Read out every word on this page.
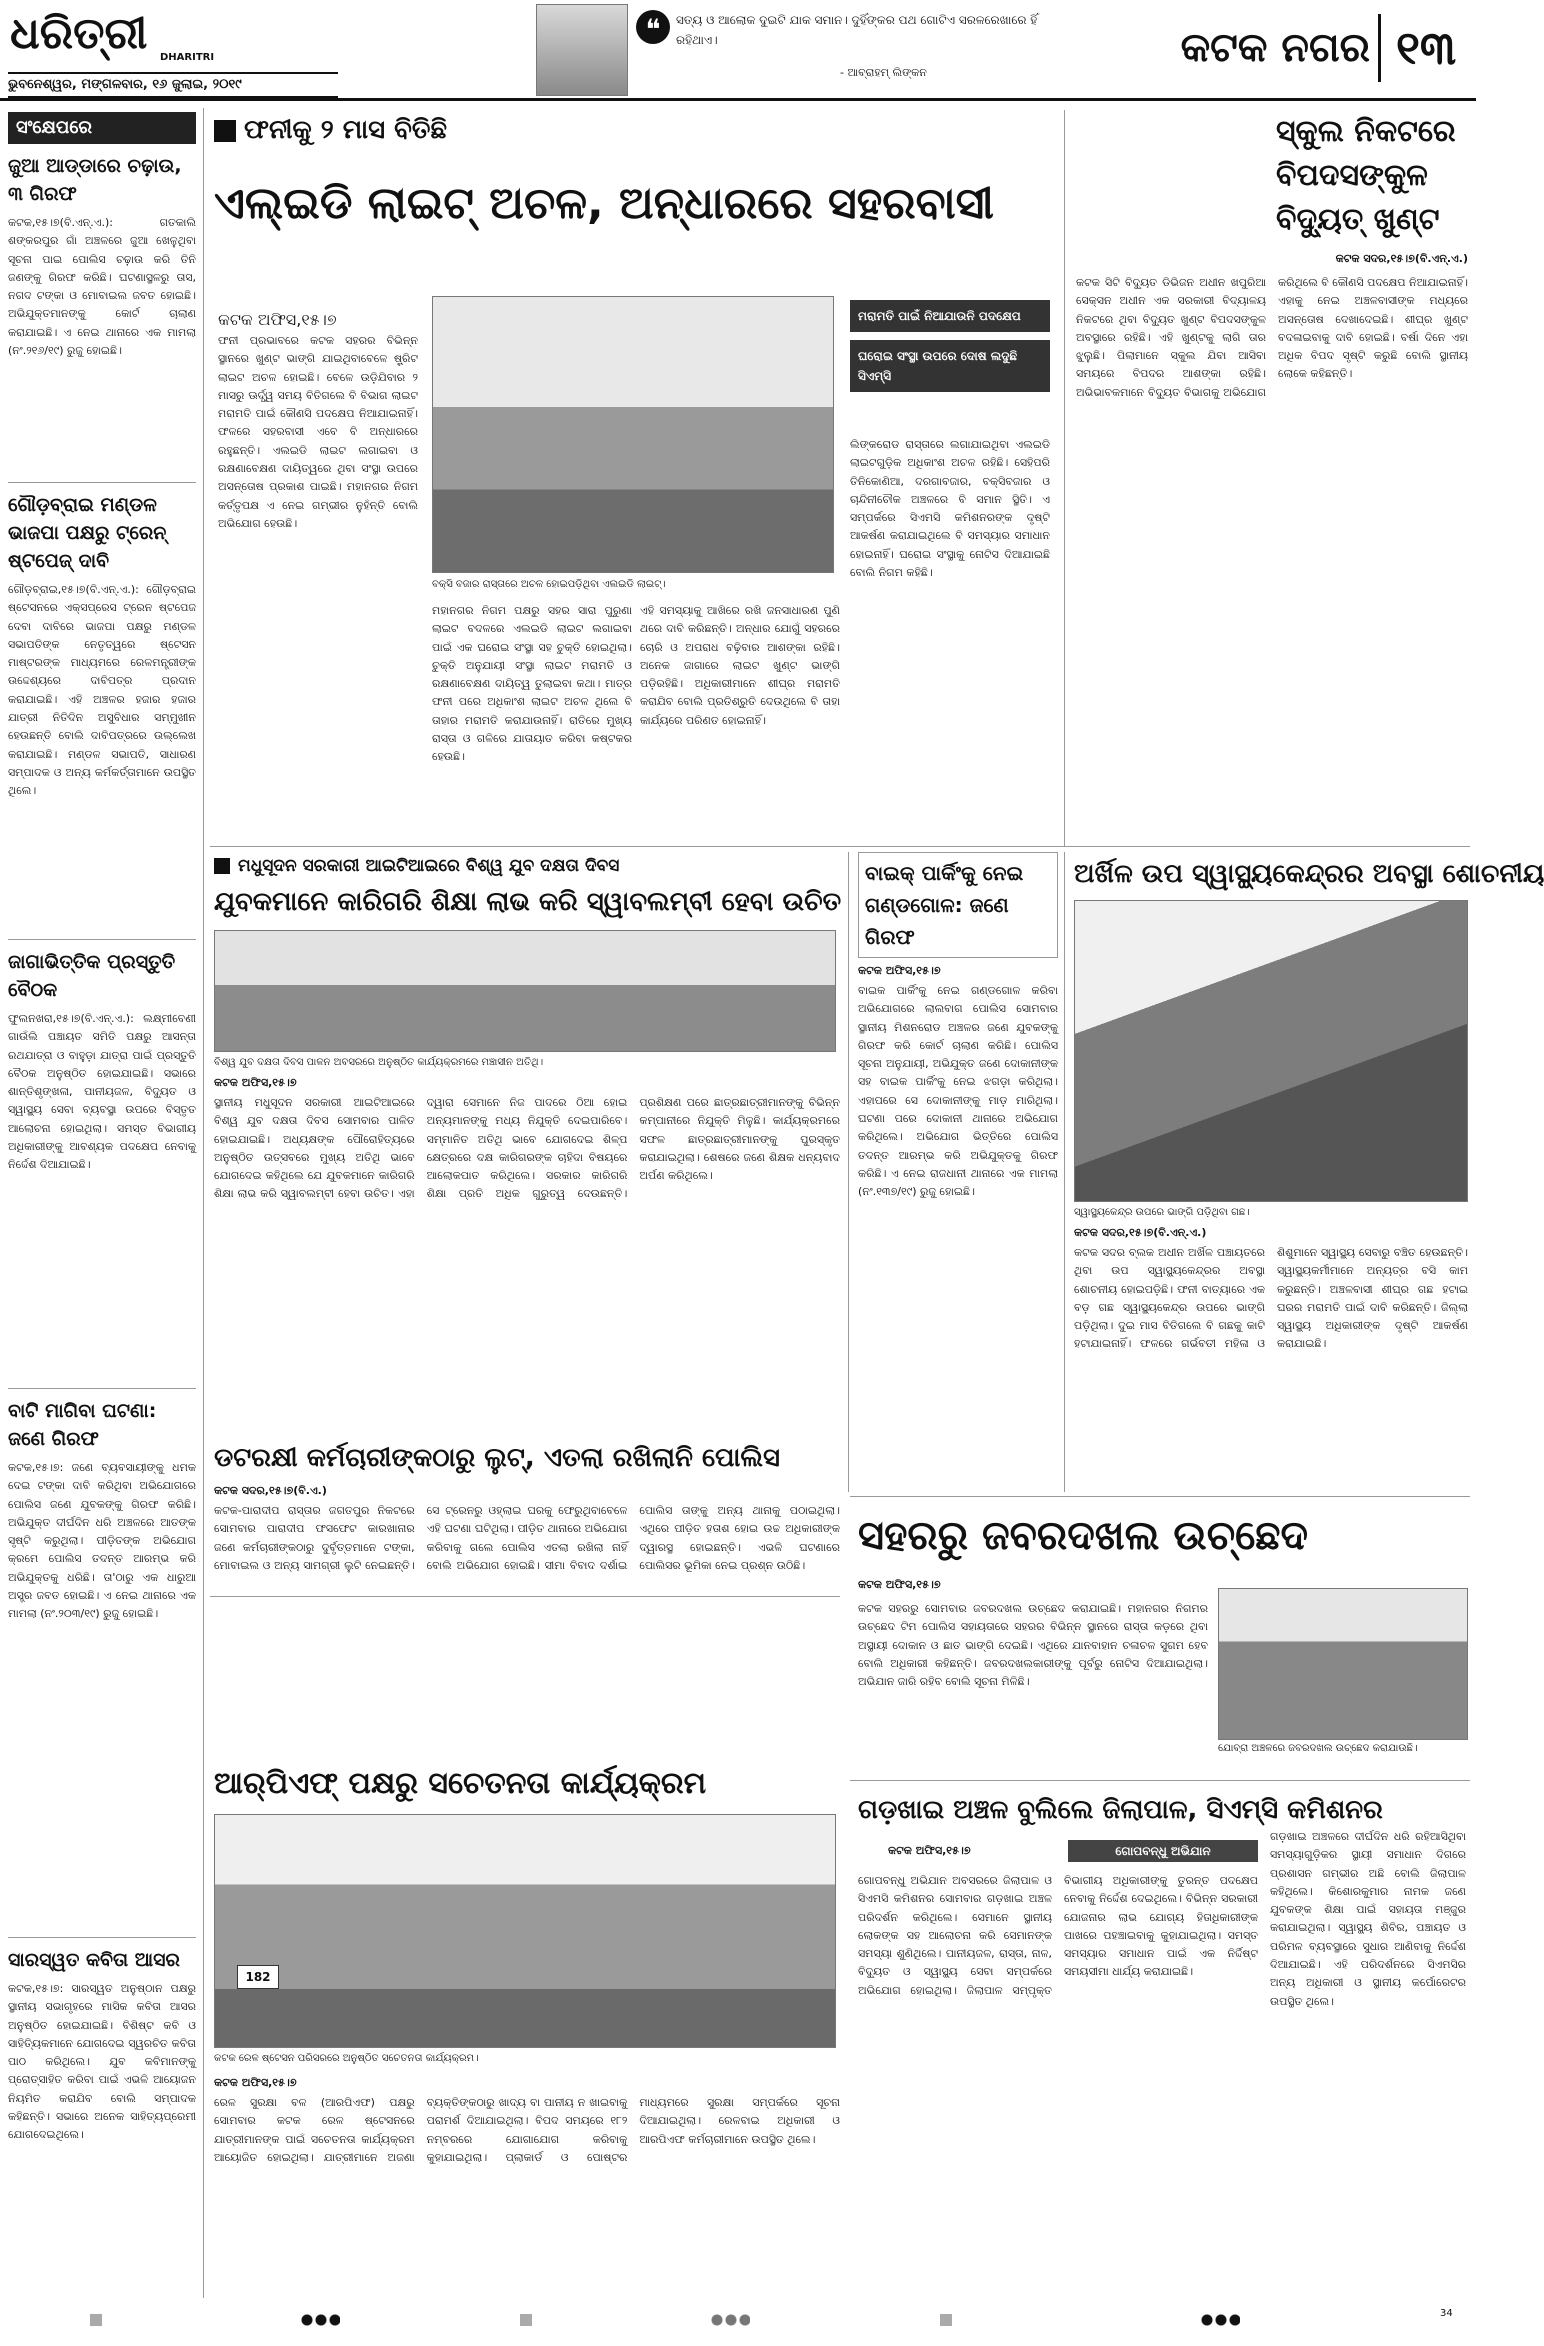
ଧରିତ୍ରୀ	DHARITRI
ଭୁବନେଶ୍ୱର, ମଙ୍ଗଳବାର, ୧୬ ଜୁଲାଇ, ୨୦୧୯
❝	ସତ୍ୟ ଓ ଆଲୋକ ଦୁଇଟି ଯାକ ସମାନ। ଦୁହିଁଙ୍କର ପଥ ଗୋଟିଏ ସରଳରେଖାରେ ହିଁ ରହିଥାଏ।
- ଆବ୍ରାହମ୍ ଲିଙ୍କନ
କଟକ ନଗର ୧୩
ସଂକ୍ଷେପରେ
ଜୁଆ ଆଡ୍ଡାରେ ଚଢ଼ାଉ, ୩ ଗିରଫ
କଟକ,୧୫।୭(ବି.ଏନ୍.ଏ.): ଗତକାଲି ଶଙ୍କରପୁର ଗାଁ ଅଞ୍ଚଳରେ ଜୁଆ ଖେଳୁଥିବା ସୂଚନା ପାଇ ପୋଲିସ ଚଢ଼ାଉ କରି ତିନି ଜଣଙ୍କୁ ଗିରଫ କରିଛି। ଘଟଣାସ୍ଥଳରୁ ତାସ, ନଗଦ ଟଙ୍କା ଓ ମୋବାଇଲ ଜବତ ହୋଇଛି। ଅଭିଯୁକ୍ତମାନଙ୍କୁ କୋର୍ଟ ଚାଲାଣ କରାଯାଇଛି। ଏ ନେଇ ଥାନାରେ ଏକ ମାମଲା (ନଂ.୨୧୬/୧୯) ରୁଜୁ ହୋଇଛି।
ଗୌଡ଼ବ୍ରାଇ ମଣ୍ଡଳ ଭାଜପା ପକ୍ଷରୁ ଟ୍ରେନ୍ ଷ୍ଟପେଜ୍ ଦାବି
ଗୌଡ଼ବ୍ରାଇ,୧୫।୭(ବି.ଏନ୍.ଏ.): ଗୌଡ଼ବ୍ରାଇ ଷ୍ଟେସନରେ ଏକ୍ସପ୍ରେସ ଟ୍ରେନ ଷ୍ଟପେଜ ଦେବା ଦାବିରେ ଭାଜପା ପକ୍ଷରୁ ମଣ୍ଡଳ ସଭାପତିଙ୍କ ନେତୃତ୍ୱରେ ଷ୍ଟେସନ ମାଷ୍ଟରଙ୍କ ମାଧ୍ୟମରେ ରେଳମନ୍ତ୍ରୀଙ୍କ ଉଦ୍ଦେଶ୍ୟରେ ଦାବିପତ୍ର ପ୍ରଦାନ କରାଯାଇଛି। ଏହି ଅଞ୍ଚଳର ହଜାର ହଜାର ଯାତ୍ରୀ ନିତିଦିନ ଅସୁବିଧାର ସମ୍ମୁଖୀନ ହେଉଛନ୍ତି ବୋଲି ଦାବିପତ୍ରରେ ଉଲ୍ଲେଖ କରାଯାଇଛି। ମଣ୍ଡଳ ସଭାପତି, ସାଧାରଣ ସମ୍ପାଦକ ଓ ଅନ୍ୟ କର୍ମକର୍ତ୍ତାମାନେ ଉପସ୍ଥିତ ଥିଲେ।
ଜାଗାଭିତ୍ତିକ ପ୍ରସ୍ତୁତି ବୈଠକ
ଫୁଲନଖରା,୧୫।୭(ବି.ଏନ୍.ଏ.): ଲକ୍ଷ୍ମୀବେଣୀ ଗାଉଁଲି ପଞ୍ଚାୟତ ସମିତି ପକ୍ଷରୁ ଆସନ୍ତା ରଥଯାତ୍ରା ଓ ବାହୁଡ଼ା ଯାତ୍ରା ପାଇଁ ପ୍ରସ୍ତୁତି ବୈଠକ ଅନୁଷ୍ଠିତ ହୋଇଯାଇଛି। ସଭାରେ ଶାନ୍ତିଶୃଙ୍ଖଳା, ପାନୀୟଜଳ, ବିଦ୍ୟୁତ ଓ ସ୍ୱାସ୍ଥ୍ୟ ସେବା ବ୍ୟବସ୍ଥା ଉପରେ ବିସ୍ତୃତ ଆଲୋଚନା ହୋଇଥିଲା। ସମସ୍ତ ବିଭାଗୀୟ ଅଧିକାରୀଙ୍କୁ ଆବଶ୍ୟକ ପଦକ୍ଷେପ ନେବାକୁ ନିର୍ଦ୍ଦେଶ ଦିଆଯାଇଛି।
ବାଟି ମାଗିବା ଘଟଣା: ଜଣେ ଗିରଫ
କଟକ,୧୫।୭: ଜଣେ ବ୍ୟବସାୟୀଙ୍କୁ ଧମକ ଦେଇ ଟଙ୍କା ଦାବି କରିଥିବା ଅଭିଯୋଗରେ ପୋଲିସ ଜଣେ ଯୁବକଙ୍କୁ ଗିରଫ କରିଛି। ଅଭିଯୁକ୍ତ ଦୀର୍ଘଦିନ ଧରି ଅଞ୍ଚଳରେ ଆତଙ୍କ ସୃଷ୍ଟି କରୁଥିଲା। ପୀଡ଼ିତଙ୍କ ଅଭିଯୋଗ କ୍ରମେ ପୋଲିସ ତଦନ୍ତ ଆରମ୍ଭ କରି ଅଭିଯୁକ୍ତକୁ ଧରିଛି। ତା'ଠାରୁ ଏକ ଧାରୁଆ ଅସ୍ତ୍ର ଜବତ ହୋଇଛି। ଏ ନେଇ ଥାନାରେ ଏକ ମାମଲା (ନଂ.୨୦୩/୧୯) ରୁଜୁ ହୋଇଛି।
ସାରସ୍ୱତ କବିତା ଆସର
କଟକ,୧୫।୭: ସାରସ୍ୱତ ଅନୁଷ୍ଠାନ ପକ୍ଷରୁ ସ୍ଥାନୀୟ ସଭାଗୃହରେ ମାସିକ କବିତା ଆସର ଅନୁଷ୍ଠିତ ହୋଇଯାଇଛି। ବିଶିଷ୍ଟ କବି ଓ ସାହିତ୍ୟିକମାନେ ଯୋଗଦେଇ ସ୍ୱରଚିତ କବିତା ପାଠ କରିଥିଲେ। ଯୁବ କବିମାନଙ୍କୁ ପ୍ରୋତ୍ସାହିତ କରିବା ପାଇଁ ଏଭଳି ଆୟୋଜନ ନିୟମିତ କରାଯିବ ବୋଲି ସମ୍ପାଦକ କହିଛନ୍ତି। ସଭାରେ ଅନେକ ସାହିତ୍ୟପ୍ରେମୀ ଯୋଗଦେଇଥିଲେ।
ଫନୀକୁ ୨ ମାସ ବିତିଛି
ଏଲ୍‌ଇଡି ଲାଇଟ୍ ଅଚଳ, ଅନ୍ଧାରରେ ସହରବାସୀ
କଟକ ଅଫିସ,୧୫।୭
ଫନୀ ପ୍ରଭାବରେ କଟକ ସହରର ବିଭିନ୍ନ ସ୍ଥାନରେ ଖୁଣ୍ଟ ଭାଙ୍ଗି ଯାଇଥିବାବେଳେ ଷ୍ଟ୍ରିଟ ଲାଇଟ ଅଚଳ ହୋଇଛି। ବେଳେ ଉଡ଼ିଯିବାର ୨ ମାସରୁ ଊର୍ଦ୍ଧ୍ୱ ସମୟ ବିତିଗଲେ ବି ବିଭାଗ ଲାଇଟ ମରାମତି ପାଇଁ କୌଣସି ପଦକ୍ଷେପ ନିଆଯାଇନାହିଁ। ଫଳରେ ସହରବାସୀ ଏବେ ବି ଅନ୍ଧାରରେ ରହୁଛନ୍ତି। ଏଲଇଡି ଲାଇଟ ଲଗାଇବା ଓ ରକ୍ଷଣାବେକ୍ଷଣ ଦାୟିତ୍ୱରେ ଥିବା ସଂସ୍ଥା ଉପରେ ଅସନ୍ତୋଷ ପ୍ରକାଶ ପାଇଛି। ମହାନଗର ନିଗମ କର୍ତ୍ତୃପକ୍ଷ ଏ ନେଇ ଗମ୍ଭୀର ନୁହଁନ୍ତି ବୋଲି ଅଭିଯୋଗ ହେଉଛି।
ବକ୍ସି ବଜାର ରାସ୍ତାରେ ଅଚଳ ହୋଇପଡ଼ିଥିବା ଏଲଇଡି ଲାଇଟ୍।
ମହାନଗର ନିଗମ ପକ୍ଷରୁ ସହର ସାରା ପୁରୁଣା ଲାଇଟ ବଦଳରେ ଏଲଇଡି ଲାଇଟ ଲଗାଇବା ପାଇଁ ଏକ ଘରୋଇ ସଂସ୍ଥା ସହ ଚୁକ୍ତି ହୋଇଥିଲା। ଚୁକ୍ତି ଅନୁଯାୟୀ ସଂସ୍ଥା ଲାଇଟ ମରାମତି ଓ ରକ୍ଷଣାବେକ୍ଷଣ ଦାୟିତ୍ୱ ତୁଲାଇବା କଥା। ମାତ୍ର ଫନୀ ପରେ ଅଧିକାଂଶ ଲାଇଟ ଅଚଳ ଥିଲେ ବି ତାହାର ମରାମତି କରାଯାଉନାହିଁ। ରାତିରେ ମୁଖ୍ୟ ରାସ୍ତା ଓ ଗଳିରେ ଯାତାୟାତ କରିବା କଷ୍ଟକର ହେଉଛି।
ଏହି ସମସ୍ୟାକୁ ଆଖିରେ ରଖି ଜନସାଧାରଣ ପୁଣି ଥରେ ଦାବି କରିଛନ୍ତି। ଅନ୍ଧାର ଯୋଗୁଁ ସହରରେ ଚୋରି ଓ ଅପରାଧ ବଢ଼ିବାର ଆଶଙ୍କା ରହିଛି। ଅନେକ ଜାଗାରେ ଲାଇଟ ଖୁଣ୍ଟ ଭାଙ୍ଗି ପଡ଼ିରହିଛି। ଅଧିକାରୀମାନେ ଶୀଘ୍ର ମରାମତି କରାଯିବ ବୋଲି ପ୍ରତିଶ୍ରୁତି ଦେଉଥିଲେ ବି ତାହା କାର୍ଯ୍ୟରେ ପରିଣତ ହୋଇନାହିଁ।
ମରାମତି ପାଇଁ ନିଆଯାଉନି ପଦକ୍ଷେପ
ଘରୋଇ ସଂସ୍ଥା ଉପରେ ଦୋଷ ଲଦୁଛି ସିଏମ୍‌ସି
ଲିଙ୍କରୋଡ ରାସ୍ତାରେ ଲଗାଯାଇଥିବା ଏଲଇଡି ଲାଇଟଗୁଡ଼ିକ ଅଧିକାଂଶ ଅଚଳ ରହିଛି। ସେହିପରି ତିନିକୋଣିଆ, ଦରଗାବଜାର, ବକ୍ସିବଜାର ଓ ଚାନ୍ଦିନୀଚୌକ ଅଞ୍ଚଳରେ ବି ସମାନ ସ୍ଥିତି। ଏ ସମ୍ପର୍କରେ ସିଏମସି କମିଶନରଙ୍କ ଦୃଷ୍ଟି ଆକର୍ଷଣ କରାଯାଇଥିଲେ ବି ସମସ୍ୟାର ସମାଧାନ ହୋଇନାହିଁ। ଘରୋଇ ସଂସ୍ଥାକୁ ନୋଟିସ ଦିଆଯାଇଛି ବୋଲି ନିଗମ କହିଛି।
ସ୍କୁଲ ନିକଟରେ ବିପଦସଙ୍କୁଳ ବିଦ୍ୟୁତ୍ ଖୁଣ୍ଟ
କଟକ ସଦର,୧୫।୭(ବି.ଏନ୍.ଏ.)
କଟକ ସିଟି ବିଦ୍ୟୁତ ଡିଭିଜନ ଅଧୀନ ଖପୁରିଆ ସେକ୍ସନ ଅଧୀନ ଏକ ସରକାରୀ ବିଦ୍ୟାଳୟ ନିକଟରେ ଥିବା ବିଦ୍ୟୁତ ଖୁଣ୍ଟ ବିପଦସଙ୍କୁଳ ଅବସ୍ଥାରେ ରହିଛି। ଏହି ଖୁଣ୍ଟକୁ ଲାଗି ତାର ଝୁଲୁଛି। ପିଲାମାନେ ସ୍କୁଲ ଯିବା ଆସିବା ସମୟରେ ବିପଦର ଆଶଙ୍କା ରହିଛି। ଅଭିଭାବକମାନେ ବିଦ୍ୟୁତ ବିଭାଗକୁ ଅଭିଯୋଗ କରିଥିଲେ ବି କୌଣସି ପଦକ୍ଷେପ ନିଆଯାଇନାହିଁ। ଏହାକୁ ନେଇ ଅଞ୍ଚଳବାସୀଙ୍କ ମଧ୍ୟରେ ଅସନ୍ତୋଷ ଦେଖାଦେଇଛି। ଶୀଘ୍ର ଖୁଣ୍ଟ ବଦଳାଇବାକୁ ଦାବି ହୋଇଛି। ବର୍ଷା ଦିନେ ଏହା ଅଧିକ ବିପଦ ସୃଷ୍ଟି କରୁଛି ବୋଲି ସ୍ଥାନୀୟ ଲୋକେ କହିଛନ୍ତି।
ମଧୁସୂଦନ ସରକାରୀ ଆଇଟିଆଇରେ ବିଶ୍ୱ ଯୁବ ଦକ୍ଷତା ଦିବସ
ଯୁବକମାନେ କାରିଗରି ଶିକ୍ଷା ଲାଭ କରି ସ୍ୱାବଲମ୍ବୀ ହେବା ଉଚିତ
ବିଶ୍ୱ ଯୁବ ଦକ୍ଷତା ଦିବସ ପାଳନ ଅବସରରେ ଅନୁଷ୍ଠିତ କାର୍ଯ୍ୟକ୍ରମରେ ମଞ୍ଚାସୀନ ଅତିଥି।
କଟକ ଅଫିସ,୧୫।୭
ସ୍ଥାନୀୟ ମଧୁସୂଦନ ସରକାରୀ ଆଇଟିଆଇରେ ବିଶ୍ୱ ଯୁବ ଦକ୍ଷତା ଦିବସ ସୋମବାର ପାଳିତ ହୋଇଯାଇଛି। ଅଧ୍ୟକ୍ଷଙ୍କ ପୌରୋହିତ୍ୟରେ ଅନୁଷ୍ଠିତ ଉତ୍ସବରେ ମୁଖ୍ୟ ଅତିଥି ଭାବେ ଯୋଗଦେଇ କହିଥିଲେ ଯେ ଯୁବକମାନେ କାରିଗରି ଶିକ୍ଷା ଲାଭ କରି ସ୍ୱାବଲମ୍ବୀ ହେବା ଉଚିତ। ଏହା ଦ୍ୱାରା ସେମାନେ ନିଜ ପାଦରେ ଠିଆ ହୋଇ ଅନ୍ୟମାନଙ୍କୁ ମଧ୍ୟ ନିଯୁକ୍ତି ଦେଇପାରିବେ। ସମ୍ମାନିତ ଅତିଥି ଭାବେ ଯୋଗଦେଇ ଶିଳ୍ପ କ୍ଷେତ୍ରରେ ଦକ୍ଷ କାରିଗରଙ୍କ ଚାହିଦା ବିଷୟରେ ଆଲୋକପାତ କରିଥିଲେ। ସରକାର କାରିଗରି ଶିକ୍ଷା ପ୍ରତି ଅଧିକ ଗୁରୁତ୍ୱ ଦେଉଛନ୍ତି। ପ୍ରଶିକ୍ଷଣ ପରେ ଛାତ୍ରଛାତ୍ରୀମାନଙ୍କୁ ବିଭିନ୍ନ କମ୍ପାନୀରେ ନିଯୁକ୍ତି ମିଳୁଛି। କାର୍ଯ୍ୟକ୍ରମରେ ସଫଳ ଛାତ୍ରଛାତ୍ରୀମାନଙ୍କୁ ପୁରସ୍କୃତ କରାଯାଇଥିଲା। ଶେଷରେ ଜଣେ ଶିକ୍ଷକ ଧନ୍ୟବାଦ ଅର୍ପଣ କରିଥିଲେ।
ବାଇକ୍ ପାର୍କିଂକୁ ନେଇ ଗଣ୍ଡଗୋଳ: ଜଣେ ଗିରଫ
କଟକ ଅଫିସ,୧୫।୭
ବାଇକ ପାର୍କିଂକୁ ନେଇ ଗଣ୍ଡଗୋଳ କରିବା ଅଭିଯୋଗରେ ଲାଲବାଗ ପୋଲିସ ସୋମବାର ସ୍ଥାନୀୟ ମିଶନରୋଡ ଅଞ୍ଚଳର ଜଣେ ଯୁବକଙ୍କୁ ଗିରଫ କରି କୋର୍ଟ ଚାଲାଣ କରିଛି। ପୋଲିସ ସୂଚନା ଅନୁଯାୟୀ, ଅଭିଯୁକ୍ତ ଜଣେ ଦୋକାନୀଙ୍କ ସହ ବାଇକ ପାର୍କିଂକୁ ନେଇ ଝଗଡ଼ା କରିଥିଲା। ଏହାପରେ ସେ ଦୋକାନୀଙ୍କୁ ମାଡ଼ ମାରିଥିଲା। ଘଟଣା ପରେ ଦୋକାନୀ ଥାନାରେ ଅଭିଯୋଗ କରିଥିଲେ। ଅଭିଯୋଗ ଭିତ୍ତିରେ ପୋଲିସ ତଦନ୍ତ ଆରମ୍ଭ କରି ଅଭିଯୁକ୍ତକୁ ଗିରଫ କରିଛି। ଏ ନେଇ ରାଜଧାନୀ ଥାନାରେ ଏକ ମାମଲା (ନଂ.୧୩୭/୧୯) ରୁଜୁ ହୋଇଛି।
ଅର୍ଖିଳ ଉପ ସ୍ୱାସ୍ଥ୍ୟକେନ୍ଦ୍ରର ଅବସ୍ଥା ଶୋଚନୀୟ
ସ୍ୱାସ୍ଥ୍ୟକେନ୍ଦ୍ର ଉପରେ ଭାଙ୍ଗି ପଡ଼ିଥିବା ଗଛ।
କଟକ ସଦର,୧୫।୭(ବି.ଏନ୍.ଏ.)
କଟକ ସଦର ବ୍ଲକ ଅଧୀନ ଅର୍ଖିଳ ପଞ୍ଚାୟତରେ ଥିବା ଉପ ସ୍ୱାସ୍ଥ୍ୟକେନ୍ଦ୍ରର ଅବସ୍ଥା ଶୋଚନୀୟ ହୋଇପଡ଼ିଛି। ଫନୀ ବାତ୍ୟାରେ ଏକ ବଡ଼ ଗଛ ସ୍ୱାସ୍ଥ୍ୟକେନ୍ଦ୍ର ଉପରେ ଭାଙ୍ଗି ପଡ଼ିଥିଲା। ଦୁଇ ମାସ ବିତିଗଲେ ବି ଗଛକୁ କାଟି ହଟାଯାଇନାହିଁ। ଫଳରେ ଗର୍ଭବତୀ ମହିଳା ଓ ଶିଶୁମାନେ ସ୍ୱାସ୍ଥ୍ୟ ସେବାରୁ ବଞ୍ଚିତ ହେଉଛନ୍ତି। ସ୍ୱାସ୍ଥ୍ୟକର୍ମୀମାନେ ଅନ୍ୟତ୍ର ବସି କାମ କରୁଛନ୍ତି। ଅଞ୍ଚଳବାସୀ ଶୀଘ୍ର ଗଛ ହଟାଇ ଘରର ମରାମତି ପାଇଁ ଦାବି କରିଛନ୍ତି। ଜିଲ୍ଲା ସ୍ୱାସ୍ଥ୍ୟ ଅଧିକାରୀଙ୍କ ଦୃଷ୍ଟି ଆକର୍ଷଣ କରାଯାଇଛି।
ଡଟରକ୍ଷୀ କର୍ମଚାରୀଙ୍କଠାରୁ ଲୁଟ୍, ଏତଲା ରଖିଲାନି ପୋଲିସ
କଟକ ସଦର,୧୫।୭(ବି.ଏ.)
କଟକ-ପାରାଦୀପ ରାସ୍ତାର ଜଗତପୁର ନିକଟରେ ସୋମବାର ପାରାଦୀପ ଫସଫେଟ କାରଖାନାର ଜଣେ କର୍ମଚାରୀଙ୍କଠାରୁ ଦୁର୍ବୃତ୍ତମାନେ ଟଙ୍କା, ମୋବାଇଲ ଓ ଅନ୍ୟ ସାମଗ୍ରୀ ଲୁଟି ନେଇଛନ୍ତି। ସେ ଟ୍ରେନରୁ ଓହ୍ଲାଇ ଘରକୁ ଫେରୁଥିବାବେଳେ ଏହି ଘଟଣା ଘଟିଥିଲା। ପୀଡ଼ିତ ଥାନାରେ ଅଭିଯୋଗ କରିବାକୁ ଗଲେ ପୋଲିସ ଏତଲା ରଖିଲା ନାହିଁ ବୋଲି ଅଭିଯୋଗ ହୋଇଛି। ସୀମା ବିବାଦ ଦର୍ଶାଇ ପୋଲିସ ତାଙ୍କୁ ଅନ୍ୟ ଥାନାକୁ ପଠାଇଥିଲା। ଏଥିରେ ପୀଡ଼ିତ ହତାଶ ହୋଇ ଉଚ୍ଚ ଅଧିକାରୀଙ୍କ ଦ୍ୱାରସ୍ଥ ହୋଇଛନ୍ତି। ଏଭଳି ଘଟଣାରେ ପୋଲିସର ଭୂମିକା ନେଇ ପ୍ରଶ୍ନ ଉଠିଛି।
ସହରରୁ ଜବରଦଖଲ ଉଚ୍ଛେଦ
ଯୋବ୍ରା ଅଞ୍ଚଳରେ ଜବରଦଖଲ ଉଚ୍ଛେଦ କରାଯାଉଛି।
କଟକ ଅଫିସ,୧୫।୭
କଟକ ସହରରୁ ସୋମବାର ଜବରଦଖଲ ଉଚ୍ଛେଦ କରାଯାଇଛି। ମହାନଗର ନିଗମର ଉଚ୍ଛେଦ ଟିମ ପୋଲିସ ସହାୟତାରେ ସହରର ବିଭିନ୍ନ ସ୍ଥାନରେ ରାସ୍ତା କଡ଼ରେ ଥିବା ଅସ୍ଥାୟୀ ଦୋକାନ ଓ ଛାତ ଭାଙ୍ଗି ଦେଇଛି। ଏଥିରେ ଯାନବାହାନ ଚଳାଚଳ ସୁଗମ ହେବ ବୋଲି ଅଧିକାରୀ କହିଛନ୍ତି। ଜବରଦଖଲକାରୀଙ୍କୁ ପୂର୍ବରୁ ନୋଟିସ ଦିଆଯାଇଥିଲା। ଅଭିଯାନ ଜାରି ରହିବ ବୋଲି ସୂଚନା ମିଳିଛି।
ଆର୍‌ପିଏଫ୍ ପକ୍ଷରୁ ସଚେତନତା କାର୍ଯ୍ୟକ୍ରମ
182
କଟକ ରେଳ ଷ୍ଟେସନ ପରିସରରେ ଅନୁଷ୍ଠିତ ସଚେତନତା କାର୍ଯ୍ୟକ୍ରମ।
କଟକ ଅଫିସ,୧୫।୭
ରେଳ ସୁରକ୍ଷା ବଳ (ଆରପିଏଫ) ପକ୍ଷରୁ ସୋମବାର କଟକ ରେଳ ଷ୍ଟେସନରେ ଯାତ୍ରୀମାନଙ୍କ ପାଇଁ ସଚେତନତା କାର୍ଯ୍ୟକ୍ରମ ଆୟୋଜିତ ହୋଇଥିଲା। ଯାତ୍ରୀମାନେ ଅଜଣା ବ୍ୟକ୍ତିଙ୍କଠାରୁ ଖାଦ୍ୟ ବା ପାନୀୟ ନ ଖାଇବାକୁ ପରାମର୍ଶ ଦିଆଯାଇଥିଲା। ବିପଦ ସମୟରେ ୧୮୨ ନମ୍ବରରେ ଯୋଗାଯୋଗ କରିବାକୁ କୁହାଯାଇଥିଲା। ପ୍ଲାକାର୍ଡ ଓ ପୋଷ୍ଟର ମାଧ୍ୟମରେ ସୁରକ୍ଷା ସମ୍ପର୍କରେ ସୂଚନା ଦିଆଯାଇଥିଲା। ରେଳବାଇ ଅଧିକାରୀ ଓ ଆରପିଏଫ କର୍ମଚାରୀମାନେ ଉପସ୍ଥିତ ଥିଲେ।
ଗଡ଼ଖାଇ ଅଞ୍ଚଳ ବୁଲିଲେ ଜିଲାପାଳ, ସିଏମ୍‌ସି କମିଶନର
କଟକ ଅଫିସ,୧୫।୭	ଗୋପବନ୍ଧୁ ଅଭିଯାନ
ଗୋପବନ୍ଧୁ ଅଭିଯାନ ଅବସରରେ ଜିଲାପାଳ ଓ ସିଏମସି କମିଶନର ସୋମବାର ଗଡ଼ଖାଇ ଅଞ୍ଚଳ ପରିଦର୍ଶନ କରିଥିଲେ। ସେମାନେ ସ୍ଥାନୀୟ ଲୋକଙ୍କ ସହ ଆଲୋଚନା କରି ସେମାନଙ୍କ ସମସ୍ୟା ଶୁଣିଥିଲେ। ପାନୀୟଜଳ, ରାସ୍ତା, ନାଳ, ବିଦ୍ୟୁତ ଓ ସ୍ୱାସ୍ଥ୍ୟ ସେବା ସମ୍ପର୍କରେ ଅଭିଯୋଗ ହୋଇଥିଲା। ଜିଲାପାଳ ସମ୍ପୃକ୍ତ ବିଭାଗୀୟ ଅଧିକାରୀଙ୍କୁ ତୁରନ୍ତ ପଦକ୍ଷେପ ନେବାକୁ ନିର୍ଦ୍ଦେଶ ଦେଇଥିଲେ। ବିଭିନ୍ନ ସରକାରୀ ଯୋଜନାର ଲାଭ ଯୋଗ୍ୟ ହିତାଧିକାରୀଙ୍କ ପାଖରେ ପହଞ୍ଚାଇବାକୁ କୁହାଯାଇଥିଲା। ସମସ୍ତ ସମସ୍ୟାର ସମାଧାନ ପାଇଁ ଏକ ନିର୍ଦ୍ଦିଷ୍ଟ ସମୟସୀମା ଧାର୍ଯ୍ୟ କରାଯାଇଛି।
ଗଡ଼ଖାଇ ଅଞ୍ଚଳରେ ଦୀର୍ଘଦିନ ଧରି ରହିଆସିଥିବା ସମସ୍ୟାଗୁଡ଼ିକର ସ୍ଥାୟୀ ସମାଧାନ ଦିଗରେ ପ୍ରଶାସନ ଗମ୍ଭୀର ଅଛି ବୋଲି ଜିଲାପାଳ କହିଥିଲେ। କିଶୋରକୁମାର ନାମକ ଜଣେ ଯୁବକଙ୍କ ଶିକ୍ଷା ପାଇଁ ସହାୟତା ମଞ୍ଜୁର କରାଯାଇଥିଲା। ସ୍ୱାସ୍ଥ୍ୟ ଶିବିର, ପଞ୍ଚାୟତ ଓ ପରିମଳ ବ୍ୟବସ୍ଥାରେ ସୁଧାର ଆଣିବାକୁ ନିର୍ଦ୍ଦେଶ ଦିଆଯାଇଛି। ଏହି ପରିଦର୍ଶନରେ ସିଏମସିର ଅନ୍ୟ ଅଧିକାରୀ ଓ ସ୍ଥାନୀୟ କର୍ପୋରେଟର ଉପସ୍ଥିତ ଥିଲେ।
34
